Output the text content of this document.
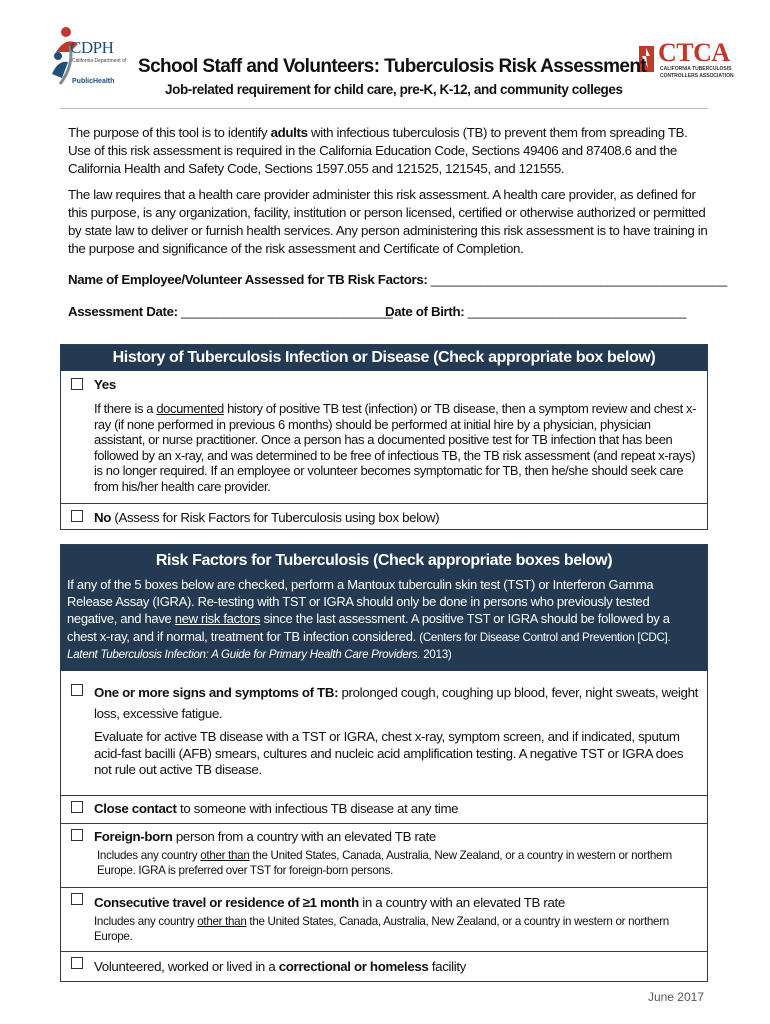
CDPH
California Department of
PublicHealth
CTCA
CALIFORNIA TUBERCULOSIS
CONTROLLERS ASSOCIATION
School Staff and Volunteers: Tuberculosis Risk Assessment
Job-related requirement for child care, pre-K, K-12, and community colleges
The purpose of this tool is to identify adults with infectious tuberculosis (TB) to prevent them from spreading TB. Use of this risk assessment is required in the California Education Code, Sections 49406 and 87408.6 and the California Health and Safety Code, Sections 1597.055 and 121525, 121545, and 121555.
The law requires that a health care provider administer this risk assessment. A health care provider, as defined for this purpose, is any organization, facility, institution or person licensed, certified or otherwise authorized or permitted by state law to deliver or furnish health services. Any person administering this risk assessment is to have training in the purpose and significance of the risk assessment and Certificate of Completion.
Name of Employee/Volunteer Assessed for TB Risk Factors: __________________________________________
Assessment Date: ______________________________
Date of Birth: _______________________________
History of Tuberculosis Infection or Disease (Check appropriate box below)
Yes
If there is a documented history of positive TB test (infection) or TB disease, then a symptom review and chest x-ray (if none performed in previous 6 months) should be performed at initial hire by a physician, physician assistant, or nurse practitioner. Once a person has a documented positive test for TB infection that has been followed by an x-ray, and was determined to be free of infectious TB, the TB risk assessment (and repeat x-rays) is no longer required. If an employee or volunteer becomes symptomatic for TB, then he/she should seek care from his/her health care provider.
No (Assess for Risk Factors for Tuberculosis using box below)
Risk Factors for Tuberculosis (Check appropriate boxes below)
If any of the 5 boxes below are checked, perform a Mantoux tuberculin skin test (TST) or Interferon Gamma Release Assay (IGRA). Re-testing with TST or IGRA should only be done in persons who previously tested negative, and have new risk factors since the last assessment. A positive TST or IGRA should be followed by a chest x-ray, and if normal, treatment for TB infection considered. (Centers for Disease Control and Prevention [CDC]. Latent Tuberculosis Infection: A Guide for Primary Health Care Providers. 2013)
One or more signs and symptoms of TB: prolonged cough, coughing up blood, fever, night sweats, weight loss, excessive fatigue.
Evaluate for active TB disease with a TST or IGRA, chest x-ray, symptom screen, and if indicated, sputum acid-fast bacilli (AFB) smears, cultures and nucleic acid amplification testing. A negative TST or IGRA does not rule out active TB disease.
Close contact to someone with infectious TB disease at any time
Foreign-born person from a country with an elevated TB rate
Includes any country other than the United States, Canada, Australia, New Zealand, or a country in western or northern Europe. IGRA is preferred over TST for foreign-born persons.
Consecutive travel or residence of ≥1 month in a country with an elevated TB rate
Includes any country other than the United States, Canada, Australia, New Zealand, or a country in western or northern Europe.
Volunteered, worked or lived in a correctional or homeless facility
June 2017
